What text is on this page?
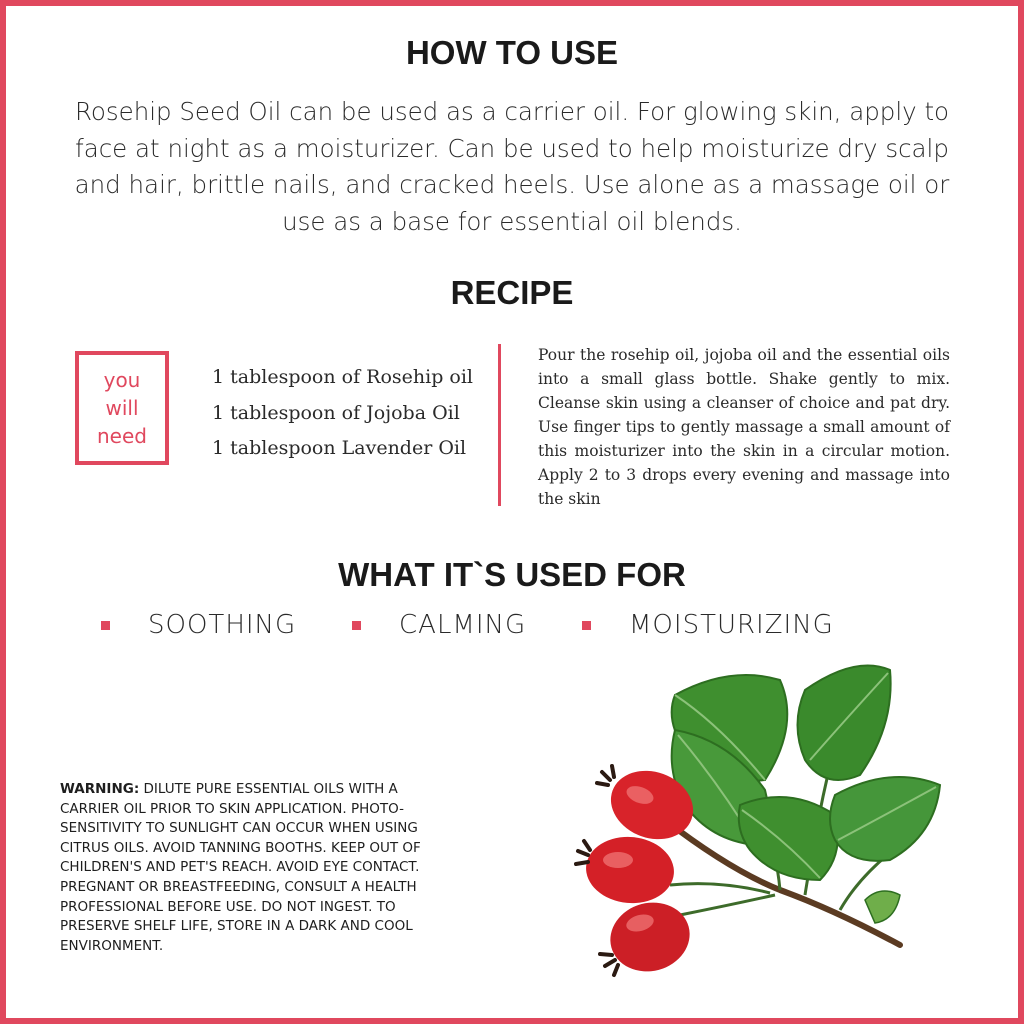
HOW TO USE
Rosehip Seed Oil can be used as a carrier oil. For glowing skin, apply to face at night as a moisturizer. Can be used to help moisturize dry scalp and hair, brittle nails, and cracked heels. Use alone as a massage oil or use as a base for essential oil blends.
RECIPE
you
will
need
1 tablespoon of Rosehip oil
1 tablespoon of Jojoba Oil
1 tablespoon Lavender Oil
Pour the rosehip oil, jojoba oil and the essential oils into a small glass bottle. Shake gently to mix. Cleanse skin using a cleanser of choice and pat dry. Use finger tips to gently massage a small amount of this moisturizer into the skin in a circular motion. Apply 2 to 3 drops every evening and massage into the skin
WHAT IT`S USED FOR
SOOTHING	CALMING	MOISTURIZING
WARNING: DILUTE PURE ESSENTIAL OILS WITH A CARRIER OIL PRIOR TO SKIN APPLICATION. PHOTO-SENSITIVITY TO SUNLIGHT CAN OCCUR WHEN USING CITRUS OILS. AVOID TANNING BOOTHS. KEEP OUT OF CHILDREN'S AND PET'S REACH. AVOID EYE CONTACT. PREGNANT OR BREASTFEEDING, CONSULT A HEALTH PROFESSIONAL BEFORE USE. DO NOT INGEST. TO PRESERVE SHELF LIFE, STORE IN A DARK AND COOL ENVIRONMENT.
